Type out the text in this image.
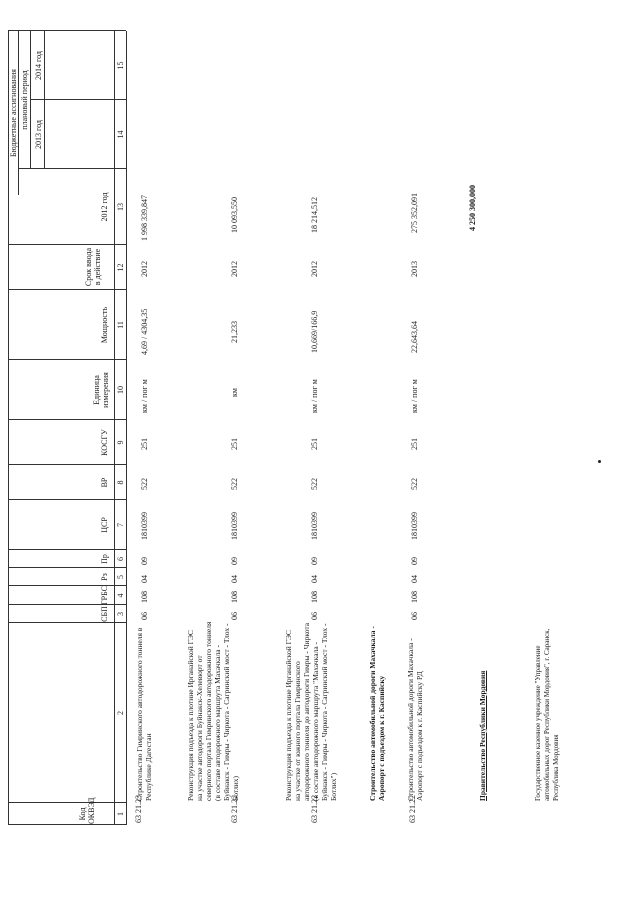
Код ОКВЭД
СБП
ГРБС
Рз
Пр
ЦСР
ВР
КОСГУ
Единица измерения
Мощность
Срок ввода в действие
Бюджетные ассигнования
2012 год
плановый период
2013 год
2014 год
1
2
3
4
5
6
7
8
9
10
11
12
13
14
15
63 21.23
Строительство Гимринского автодорожного тоннеля в Республике Дагестан
06
108
04
09
1810399
522
251
км / пог м
4,69 / 4304,35
2012
1 998 339,847
63 21.22
Реконструкция подъезда к плотине Ирганайской ГЭС на участке автодороги Буйнакск-Хелевюрт от северного портала Гимринского автодорожного тоннеля (в составе автодорожного маршрута Махачкала - Буйнакск - Гимры - Чиркота - Сагринский мост - Тлох - Ботлих)
06
108
04
09
1810399
522
251
км
21,233
2012
10 093,550
63 21.22
Реконструкция подъезда к плотине Ирганайской ГЭС на участке от южного портала Гимринского автодорожного тоннеля до автодороги Гимры - Чиркота (в составе автодорожного маршрута "Махачкала - Буйнакск - Гимры - Чиркота - Сагринский мост - Тлох - Ботлих")
06
108
04
09
1810399
522
251
км / пог м
10,669/166,9
2012
18 214,512
Строительство автомобильной дороги Махачкала - Аэропорт с подъездом к г. Каспийску
63 21.22
Строительство автомобильной дороги Махачкала - Аэропорт с подъездом к г. Каспийску РД
06
108
04
09
1810399
522
251
км / пог м
22,643,64
2013
275 352,091	4 250 300,000
Правительство Республики Мордовия	Государственное казенное учреждение "Управление автомобильных дорог Республики Мордовия", г. Саранск, Республика Мордовия
